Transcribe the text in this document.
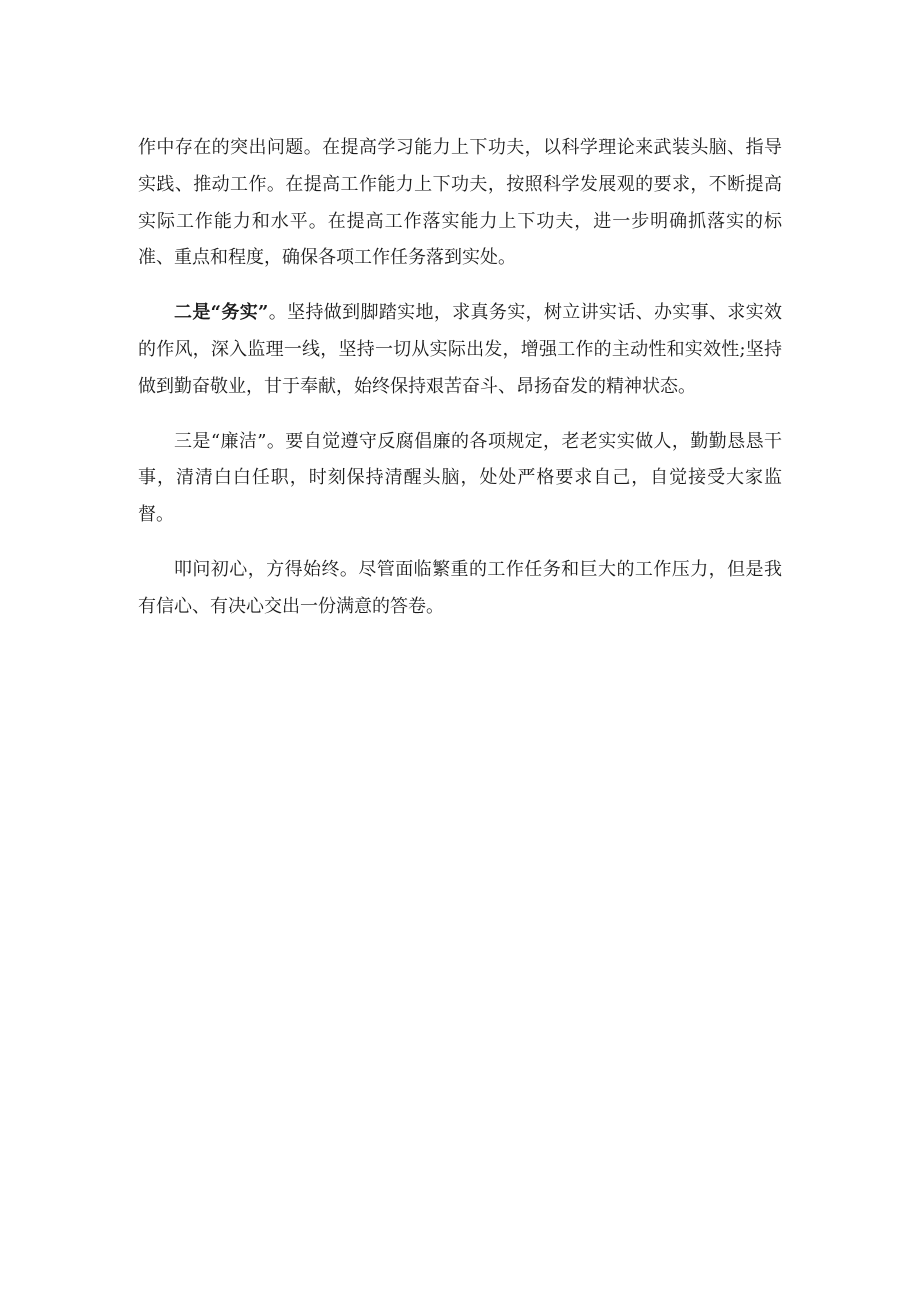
作中存在的突出问题。在提高学习能力上下功夫，以科学理论来武装头脑、指导实践、推动工作。在提高工作能力上下功夫，按照科学发展观的要求，不断提高实际工作能力和水平。在提高工作落实能力上下功夫，进一步明确抓落实的标准、重点和程度，确保各项工作任务落到实处。

二是“务实”。坚持做到脚踏实地，求真务实，树立讲实话、办实事、求实效的作风，深入监理一线，坚持一切从实际出发，增强工作的主动性和实效性;坚持做到勤奋敬业，甘于奉献，始终保持艰苦奋斗、昂扬奋发的精神状态。

三是“廉洁”。要自觉遵守反腐倡廉的各项规定，老老实实做人，勤勤恳恳干事，清清白白任职，时刻保持清醒头脑，处处严格要求自己，自觉接受大家监督。

叩问初心，方得始终。尽管面临繁重的工作任务和巨大的工作压力，但是我有信心、有决心交出一份满意的答卷。
